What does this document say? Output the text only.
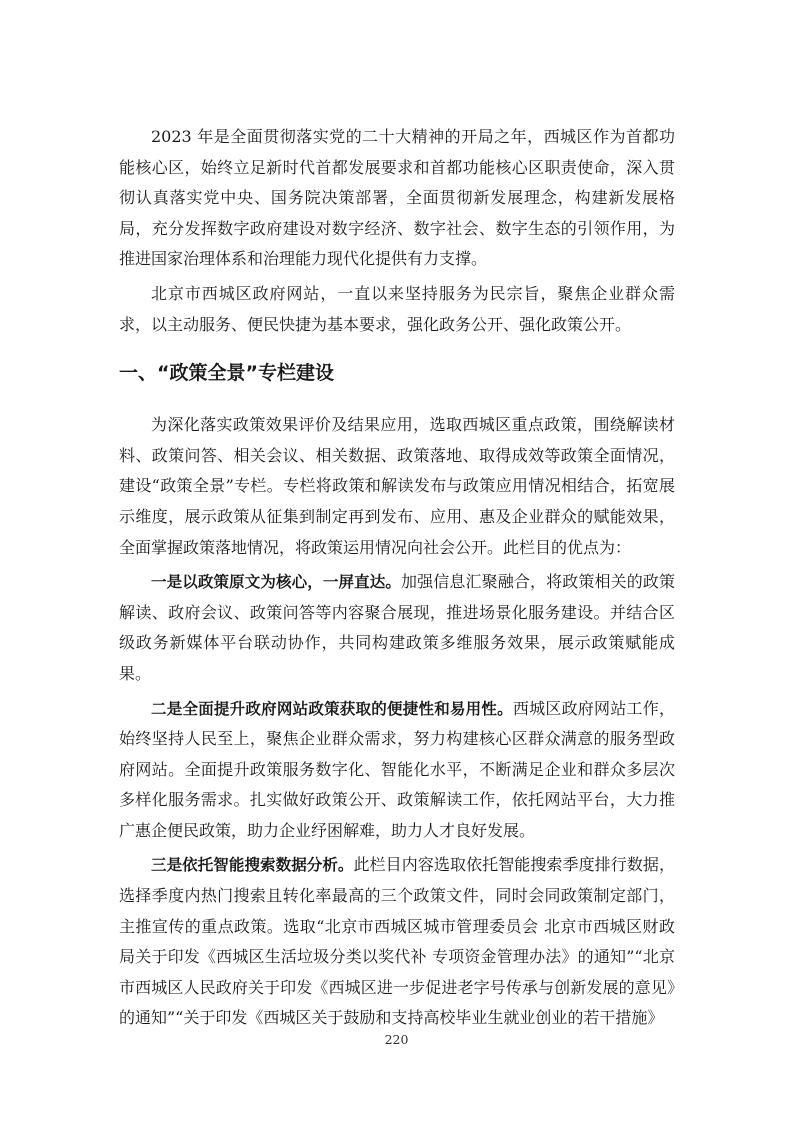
2023 年是全面贯彻落实党的二十大精神的开局之年，西城区作为首都功能核心区，始终立足新时代首都发展要求和首都功能核心区职责使命，深入贯彻认真落实党中央、国务院决策部署，全面贯彻新发展理念，构建新发展格局，充分发挥数字政府建设对数字经济、数字社会、数字生态的引领作用，为推进国家治理体系和治理能力现代化提供有力支撑。

北京市西城区政府网站，一直以来坚持服务为民宗旨，聚焦企业群众需求，以主动服务、便民快捷为基本要求，强化政务公开、强化政策公开。

一、“政策全景”专栏建设

为深化落实政策效果评价及结果应用，选取西城区重点政策，围绕解读材料、政策问答、相关会议、相关数据、政策落地、取得成效等政策全面情况，建设“政策全景”专栏。专栏将政策和解读发布与政策应用情况相结合，拓宽展示维度，展示政策从征集到制定再到发布、应用、惠及企业群众的赋能效果，全面掌握政策落地情况，将政策运用情况向社会公开。此栏目的优点为：

一是以政策原文为核心，一屏直达。加强信息汇聚融合，将政策相关的政策解读、政府会议、政策问答等内容聚合展现，推进场景化服务建设。并结合区级政务新媒体平台联动协作，共同构建政策多维服务效果，展示政策赋能成果。

二是全面提升政府网站政策获取的便捷性和易用性。西城区政府网站工作，始终坚持人民至上，聚焦企业群众需求，努力构建核心区群众满意的服务型政府网站。全面提升政策服务数字化、智能化水平，不断满足企业和群众多层次多样化服务需求。扎实做好政策公开、政策解读工作，依托网站平台，大力推广惠企便民政策，助力企业纾困解难，助力人才良好发展。

三是依托智能搜索数据分析。此栏目内容选取依托智能搜索季度排行数据，选择季度内热门搜索且转化率最高的三个政策文件，同时会同政策制定部门，主推宣传的重点政策。选取“北京市西城区城市管理委员会 北京市西城区财政局关于印发《西城区生活垃圾分类以奖代补 专项资金管理办法》的通知”“北京市西城区人民政府关于印发《西城区进一步促进老字号传承与创新发展的意见》的通知”“关于印发《西城区关于鼓励和支持高校毕业生就业创业的若干措施》

220
